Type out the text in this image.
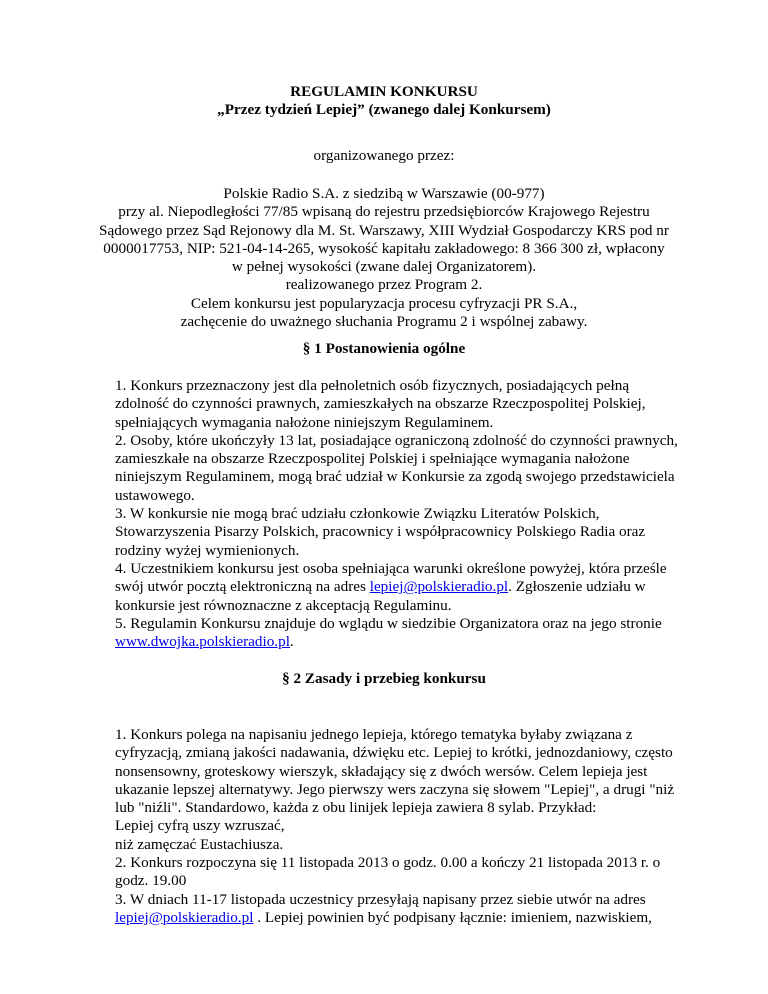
REGULAMIN KONKURSU
„Przez tydzień Lepiej” (zwanego dalej Konkursem)
organizowanego przez:
Polskie Radio S.A. z siedzibą w Warszawie (00-977)
przy al. Niepodległości 77/85 wpisaną do rejestru przedsiębiorców Krajowego Rejestru
Sądowego przez Sąd Rejonowy dla M. St. Warszawy, XIII Wydział Gospodarczy KRS pod nr
0000017753, NIP: 521-04-14-265, wysokość kapitału zakładowego: 8 366 300 zł, wpłacony
w pełnej wysokości (zwane dalej Organizatorem).
realizowanego przez Program 2.
Celem konkursu jest popularyzacja procesu cyfryzacji PR S.A.,
zachęcenie do uważnego słuchania Programu 2 i wspólnej zabawy.
§ 1 Postanowienia ogólne
1. Konkurs przeznaczony jest dla pełnoletnich osób fizycznych, posiadających pełną
zdolność do czynności prawnych, zamieszkałych na obszarze Rzeczpospolitej Polskiej,
spełniających wymagania nałożone niniejszym Regulaminem.
2. Osoby, które ukończyły 13 lat, posiadające ograniczoną zdolność do czynności prawnych,
zamieszkałe na obszarze Rzeczpospolitej Polskiej i spełniające wymagania nałożone
niniejszym Regulaminem, mogą brać udział w Konkursie za zgodą swojego przedstawiciela
ustawowego.
3. W konkursie nie mogą brać udziału członkowie Związku Literatów Polskich,
Stowarzyszenia Pisarzy Polskich, pracownicy i współpracownicy Polskiego Radia oraz
rodziny wyżej wymienionych.
4. Uczestnikiem konkursu jest osoba spełniająca warunki określone powyżej, która prześle
swój utwór pocztą elektroniczną na adres lepiej@polskieradio.pl. Zgłoszenie udziału w
konkursie jest równoznaczne z akceptacją Regulaminu.
5. Regulamin Konkursu znajduje do wglądu w siedzibie Organizatora oraz na jego stronie
www.dwojka.polskieradio.pl.
§ 2 Zasady i przebieg konkursu
1. Konkurs polega na napisaniu jednego lepieja, którego tematyka byłaby związana z
cyfryzacją, zmianą jakości nadawania, dźwięku etc. Lepiej to krótki, jednozdaniowy, często
nonsensowny, groteskowy wierszyk, składający się z dwóch wersów. Celem lepieja jest
ukazanie lepszej alternatywy. Jego pierwszy wers zaczyna się słowem "Lepiej", a drugi "niż
lub "niźli". Standardowo, każda z obu linijek lepieja zawiera 8 sylab. Przykład:
Lepiej cyfrą uszy wzruszać,
niż zamęczać Eustachiusza.
2. Konkurs rozpoczyna się 11 listopada 2013 o godz. 0.00 a kończy 21 listopada 2013 r. o
godz. 19.00
3. W dniach 11-17 listopada uczestnicy przesyłają napisany przez siebie utwór na adres
lepiej@polskieradio.pl . Lepiej powinien być podpisany łącznie: imieniem, nazwiskiem,
